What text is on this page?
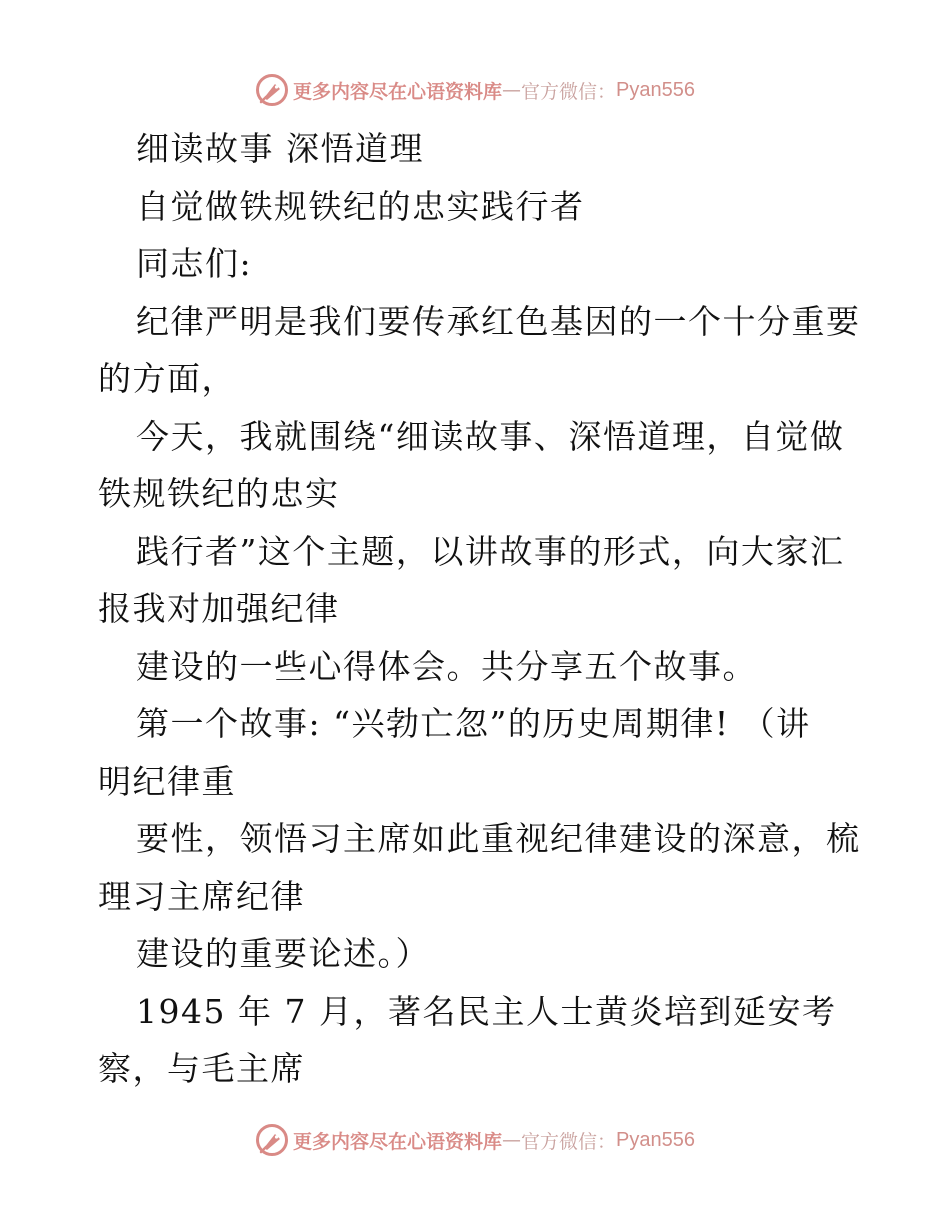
更多内容尽在心语资料库 — 官方微信： Pyan556
细读故事 深悟道理
自觉做铁规铁纪的忠实践行者
同志们:
纪律严明是我们要传承红色基因的一个十分重要
的方面，
今天，我就围绕“细读故事、深悟道理，自觉做
铁规铁纪的忠实
践行者”这个主题，以讲故事的形式，向大家汇
报我对加强纪律
建设的一些心得体会。共分享五个故事。
第一个故事: “兴勃亡忽”的历史周期律! （讲
明纪律重
要性，领悟习主席如此重视纪律建设的深意，梳
理习主席纪律
建设的重要论述。）
1945 年 7 月，著名民主人士黄炎培到延安考
察，与毛主席
更多内容尽在心语资料库 — 官方微信： Pyan556
